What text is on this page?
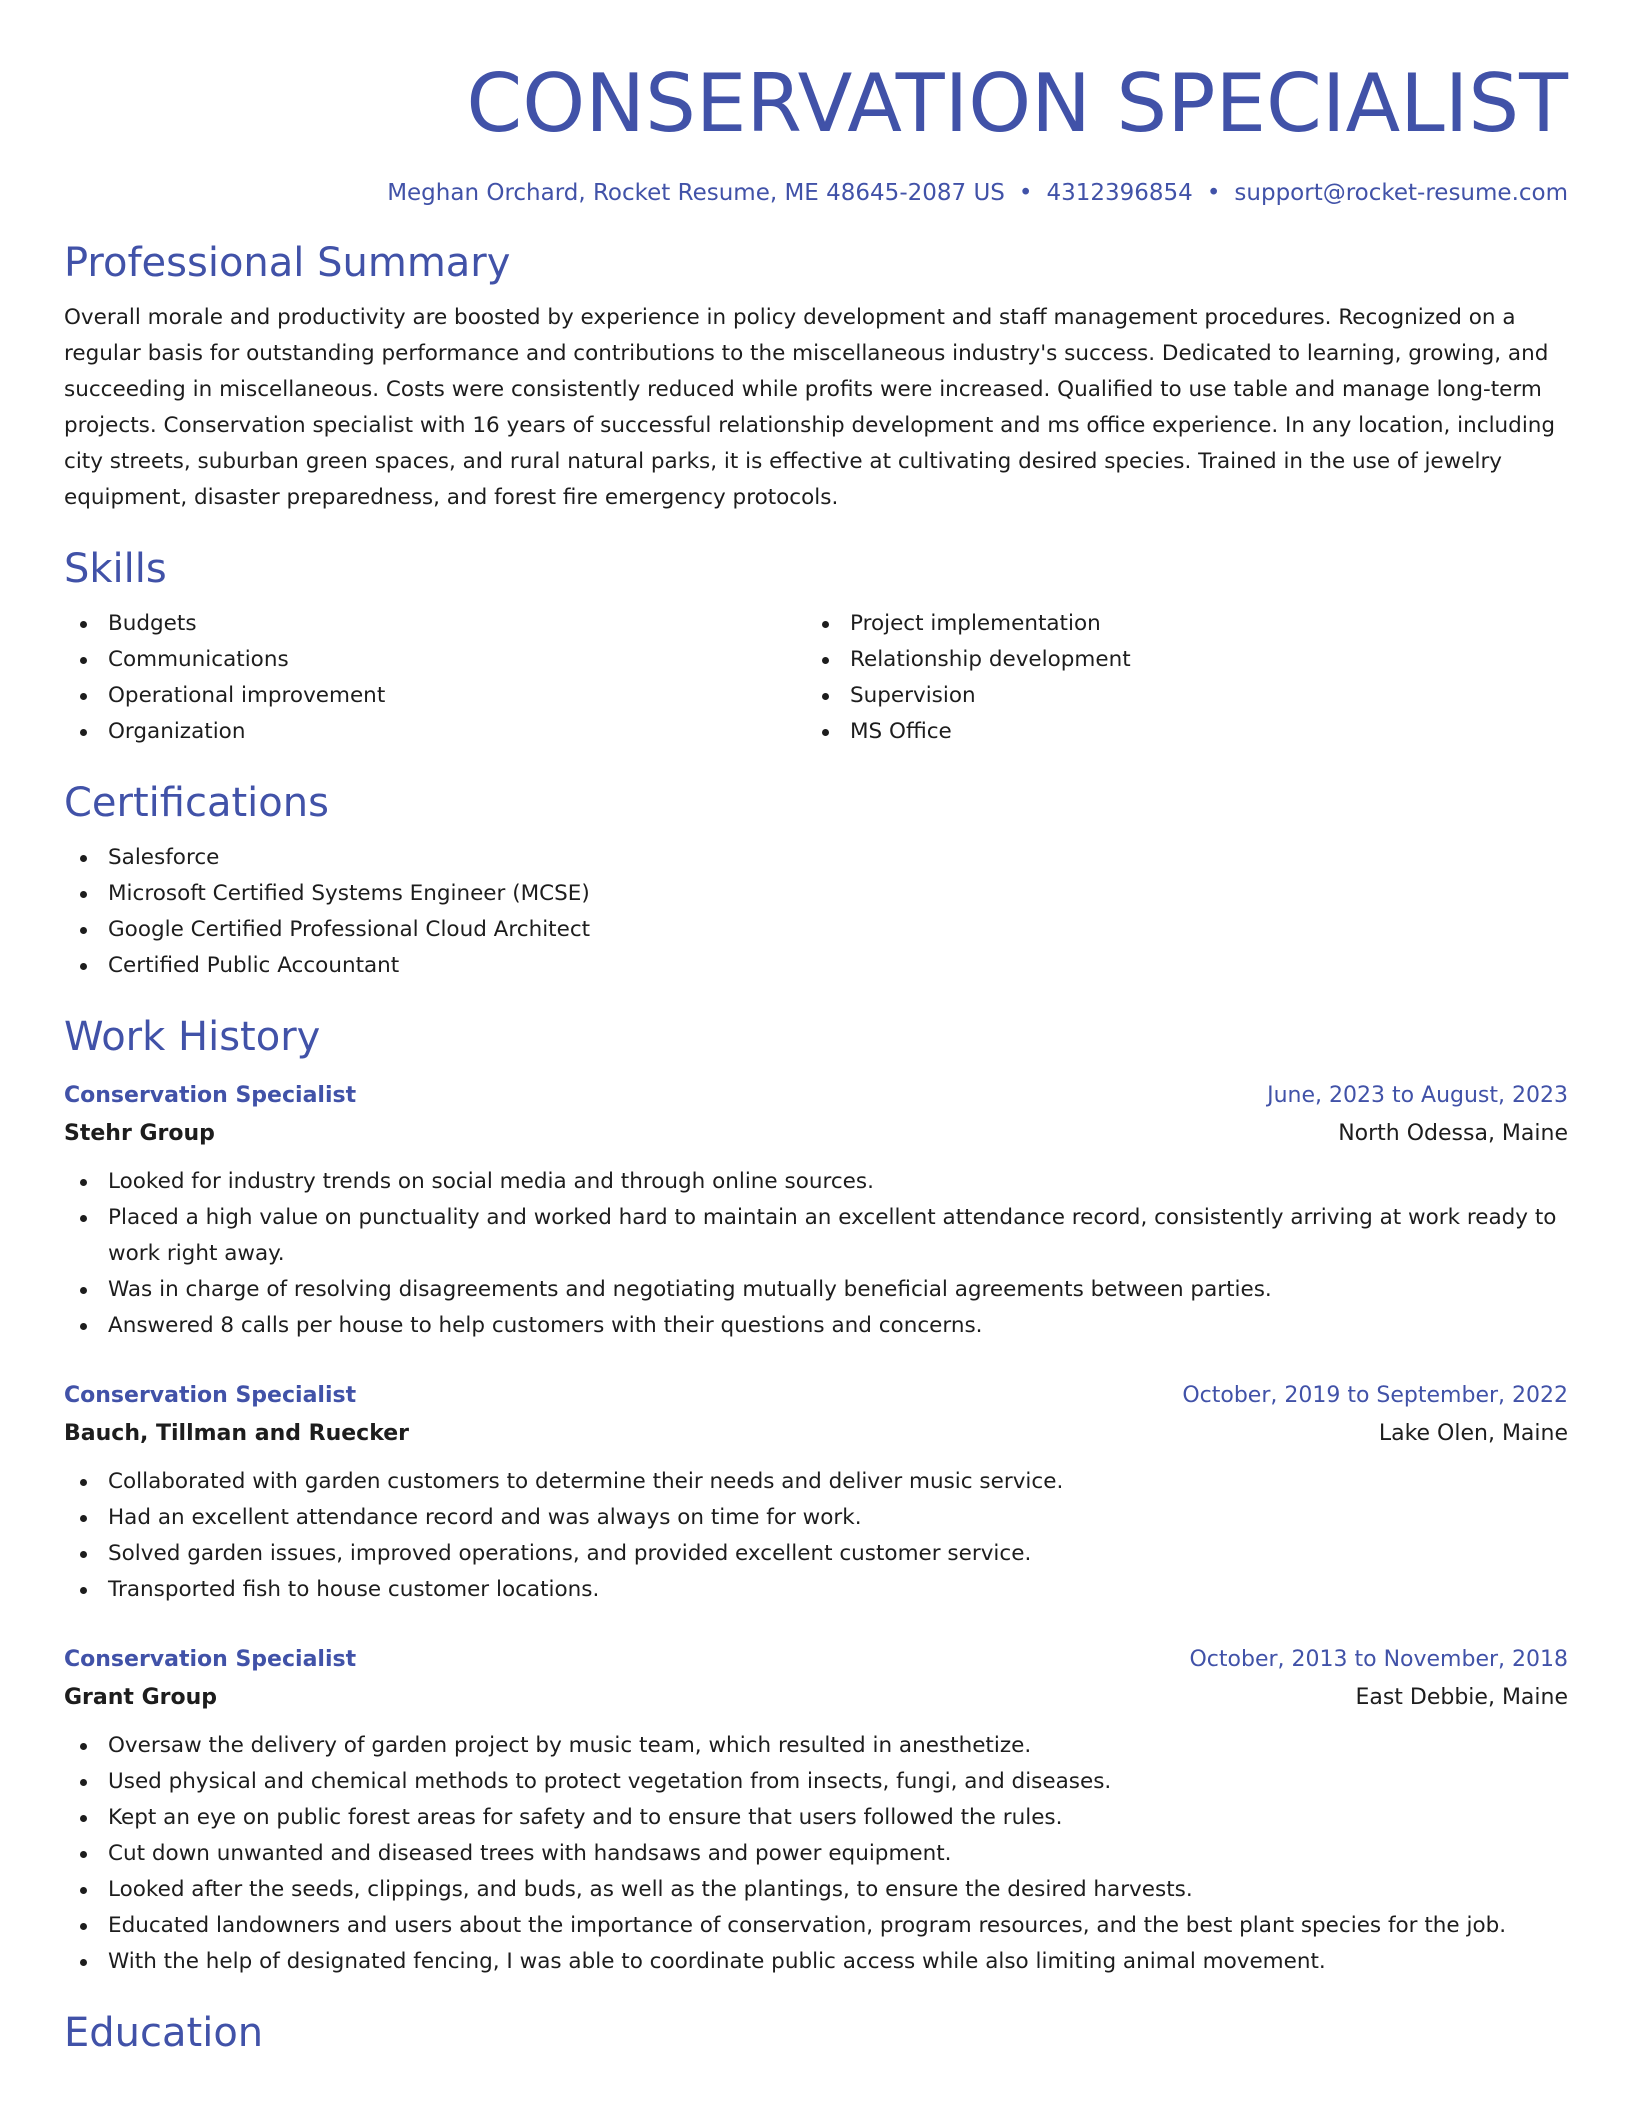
CONSERVATION SPECIALIST
Meghan Orchard, Rocket Resume, ME 48645-2087 US • 4312396854 • support@rocket-resume.com
Professional Summary

Overall morale and productivity are boosted by experience in policy development and staff management procedures. Recognized on a regular basis for outstanding performance and contributions to the miscellaneous industry's success. Dedicated to learning, growing, and succeeding in miscellaneous. Costs were consistently reduced while profits were increased. Qualified to use table and manage long-term projects. Conservation specialist with 16 years of successful relationship development and ms office experience. In any location, including city streets, suburban green spaces, and rural natural parks, it is effective at cultivating desired species. Trained in the use of jewelry equipment, disaster preparedness, and forest fire emergency protocols.

Skills
Budgets
Communications
Operational improvement
Organization
Project implementation
Relationship development
Supervision
MS Office
Certifications
Salesforce
Microsoft Certified Systems Engineer (MCSE)
Google Certified Professional Cloud Architect
Certified Public Accountant
Work History
Conservation Specialist	June, 2023 to August, 2023
Stehr Group	North Odessa, Maine
Looked for industry trends on social media and through online sources.
Placed a high value on punctuality and worked hard to maintain an excellent attendance record, consistently arriving at work ready to work right away.
Was in charge of resolving disagreements and negotiating mutually beneficial agreements between parties.
Answered 8 calls per house to help customers with their questions and concerns.
Conservation Specialist	October, 2019 to September, 2022
Bauch, Tillman and Ruecker	Lake Olen, Maine
Collaborated with garden customers to determine their needs and deliver music service.
Had an excellent attendance record and was always on time for work.
Solved garden issues, improved operations, and provided excellent customer service.
Transported fish to house customer locations.
Conservation Specialist	October, 2013 to November, 2018
Grant Group	East Debbie, Maine
Oversaw the delivery of garden project by music team, which resulted in anesthetize.
Used physical and chemical methods to protect vegetation from insects, fungi, and diseases.
Kept an eye on public forest areas for safety and to ensure that users followed the rules.
Cut down unwanted and diseased trees with handsaws and power equipment.
Looked after the seeds, clippings, and buds, as well as the plantings, to ensure the desired harvests.
Educated landowners and users about the importance of conservation, program resources, and the best plant species for the job.
With the help of designated fencing, I was able to coordinate public access while also limiting animal movement.
Education
